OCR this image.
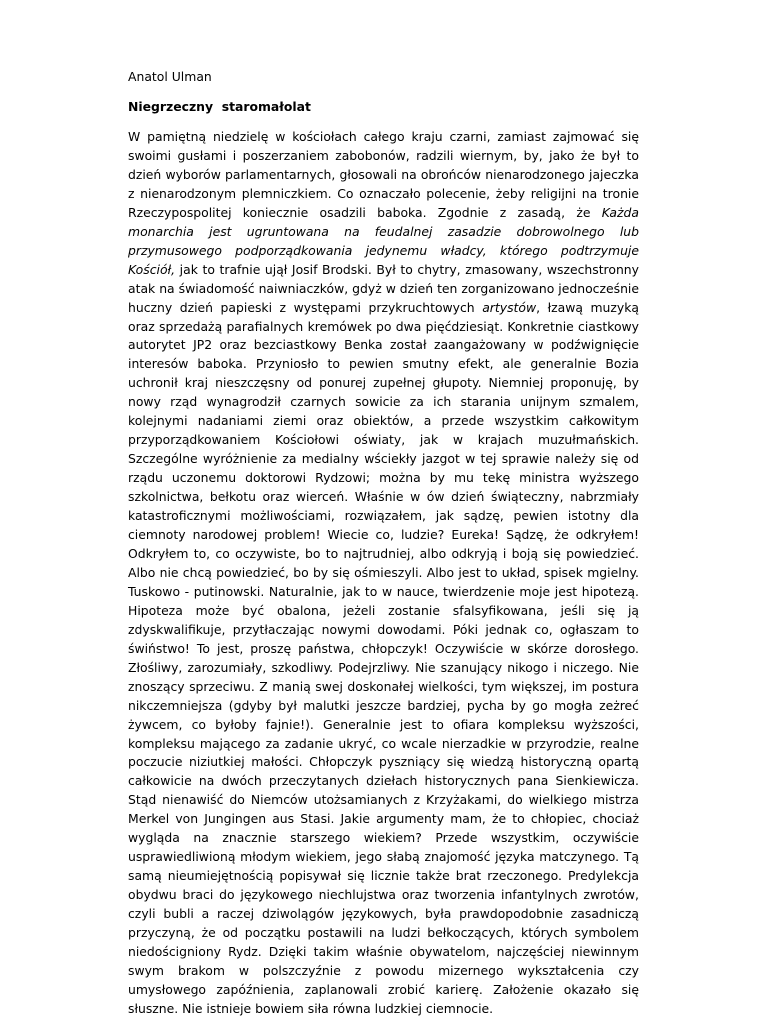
Anatol Ulman

Niegrzeczny  staromałolat

W pamiętną niedzielę w kościołach całego kraju czarni, zamiast zajmować się swoimi gusłami i poszerzaniem zabobonów, radzili wiernym, by, jako że był to dzień wyborów parlamentarnych, głosowali na obrońców nienarodzonego jajeczka z nienarodzonym plemniczkiem. Co oznaczało polecenie, żeby religijni na tronie Rzeczypospolitej koniecznie osadzili baboka. Zgodnie z zasadą, że Każda monarchia jest ugruntowana na feudalnej zasadzie dobrowolnego lub przymusowego podporządkowania jedynemu władcy, którego podtrzymuje Kościół, jak to trafnie ujął Josif Brodski. Był to chytry, zmasowany, wszechstronny atak na świadomość naiwniaczków, gdyż w dzień ten zorganizowano jednocześnie huczny dzień papieski z występami przykruchtowych artystów, łzawą muzyką oraz sprzedażą parafialnych kremówek po dwa pięćdziesiąt. Konkretnie ciastkowy autorytet JP2 oraz bezciastkowy Benka został zaangażowany w podźwignięcie interesów baboka. Przyniosło to pewien smutny efekt, ale generalnie Bozia uchronił kraj nieszczęsny od ponurej zupełnej głupoty. Niemniej proponuję, by nowy rząd wynagrodził czarnych sowicie za ich starania unijnym szmalem, kolejnymi nadaniami ziemi oraz obiektów, a przede wszystkim całkowitym przyporządkowaniem Kościołowi oświaty, jak w krajach muzułmańskich. Szczególne wyróżnienie za medialny wściekły jazgot w tej sprawie należy się od rządu uczonemu doktorowi Rydzowi; można by mu tekę ministra wyższego szkolnictwa, bełkotu oraz wierceń. Właśnie w ów dzień świąteczny, nabrzmiały katastroficznymi możliwościami, rozwiązałem, jak sądzę, pewien istotny dla ciemnoty narodowej problem! Wiecie co, ludzie? Eureka! Sądzę, że odkryłem! Odkryłem to, co oczywiste, bo to najtrudniej, albo odkryją i boją się powiedzieć. Albo nie chcą powiedzieć, bo by się ośmieszyli. Albo jest to układ, spisek mgielny. Tuskowo - putinowski. Naturalnie, jak to w nauce, twierdzenie moje jest hipotezą. Hipoteza może być obalona, jeżeli zostanie sfalsyfikowana, jeśli się ją zdyskwalifikuje, przytłaczając nowymi dowodami. Póki jednak co, ogłaszam to świństwo! To jest, proszę państwa, chłopczyk! Oczywiście w skórze dorosłego. Złośliwy, zarozumiały, szkodliwy. Podejrzliwy. Nie szanujący nikogo i niczego. Nie znoszący sprzeciwu. Z manią swej doskonałej wielkości, tym większej, im postura nikczemniejsza (gdyby był malutki jeszcze bardziej, pycha by go mogła zeżreć żywcem, co byłoby fajnie!). Generalnie jest to ofiara kompleksu wyższości, kompleksu mającego za zadanie ukryć, co wcale nierzadkie w przyrodzie, realne poczucie niziutkiej małości. Chłopczyk pyszniący się wiedzą historyczną opartą całkowicie na dwóch przeczytanych dziełach historycznych pana Sienkiewicza. Stąd nienawiść do Niemców utożsamianych z Krzyżakami, do wielkiego mistrza Merkel von Jungingen aus Stasi. Jakie argumenty mam, że to chłopiec, chociaż wygląda na znacznie starszego wiekiem? Przede wszystkim, oczywiście usprawiedliwioną młodym wiekiem, jego słabą znajomość języka matczynego. Tą samą nieumiejętnością popisywał się licznie także brat rzeczonego. Predylekcja obydwu braci do językowego niechlujstwa oraz tworzenia infantylnych zwrotów, czyli bubli a raczej dziwolągów językowych, była prawdopodobnie zasadniczą przyczyną, że od początku postawili na ludzi bełkoczących, których symbolem niedościgniony Rydz. Dzięki takim właśnie obywatelom, najczęściej niewinnym swym brakom w polszczyźnie z powodu mizernego wykształcenia czy umysłowego zapóźnienia, zaplanowali zrobić karierę. Założenie okazało się słuszne. Nie istnieje bowiem siła równa ludzkiej ciemnocie.
